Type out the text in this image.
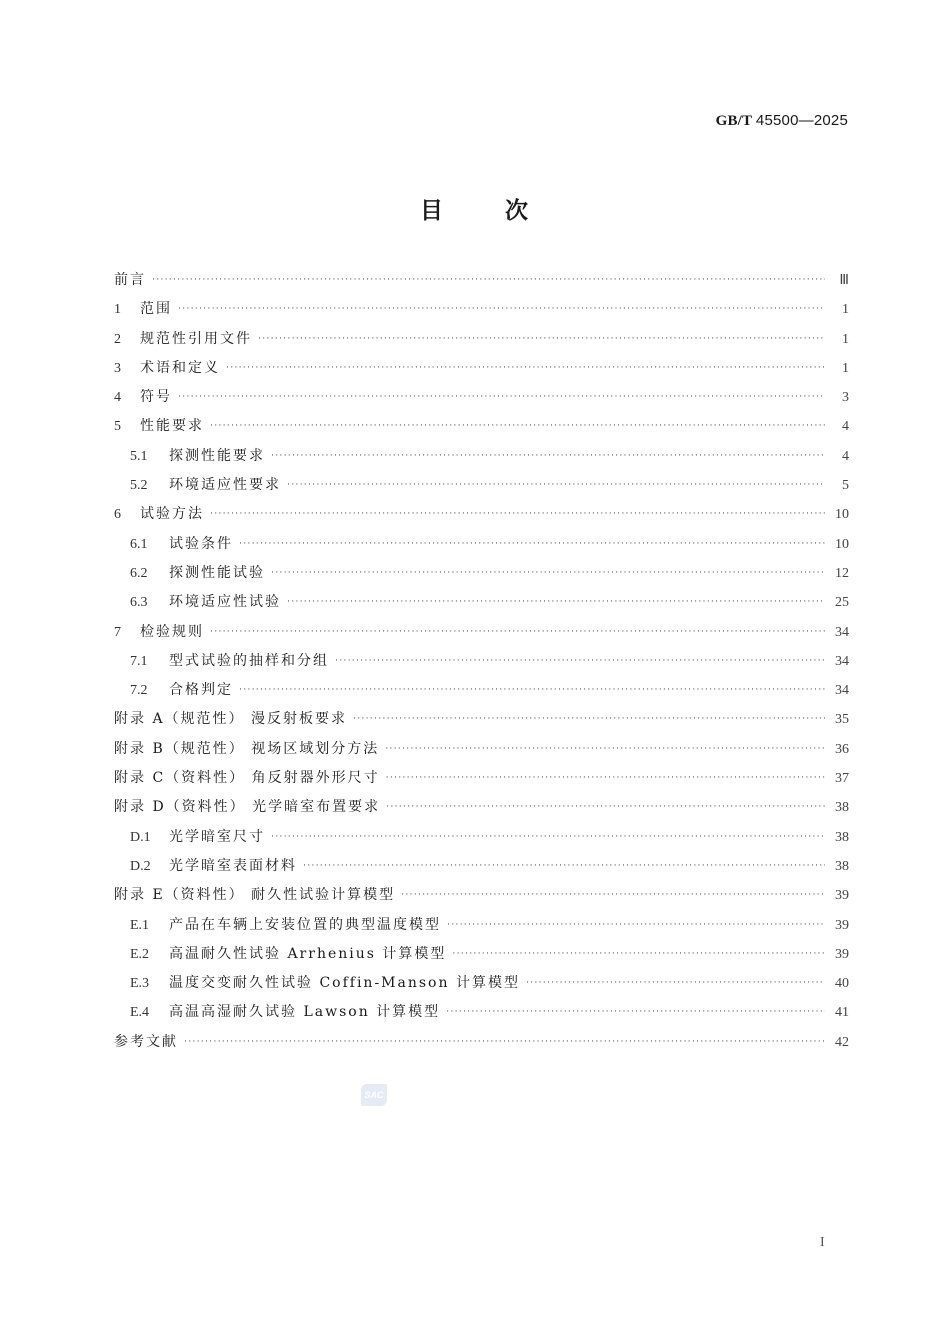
GB/T 45500—2025
目	次
前言 ·····	Ⅲ
1	范围 ·····	1
2	规范性引用文件 ·····	1
3	术语和定义 ·····	1
4	符号 ·····	3
5	性能要求 ·····	4
5.1	探测性能要求 ·····	4
5.2	环境适应性要求 ·····	5
6	试验方法 ·····	10
6.1	试验条件 ·····	10
6.2	探测性能试验 ·····	12
6.3	环境适应性试验 ·····	25
7	检验规则 ·····	34
7.1	型式试验的抽样和分组 ·····	34
7.2	合格判定 ·····	34
附录 A（规范性） 漫反射板要求 ·····	35
附录 B（规范性） 视场区域划分方法 ·····	36
附录 C（资料性） 角反射器外形尺寸 ·····	37
附录 D（资料性） 光学暗室布置要求 ·····	38
D.1	光学暗室尺寸 ·····	38
D.2	光学暗室表面材料 ·····	38
附录 E（资料性） 耐久性试验计算模型 ·····	39
E.1	产品在车辆上安装位置的典型温度模型 ·····	39
E.2	高温耐久性试验 Arrhenius 计算模型 ·····	39
E.3	温度交变耐久性试验 Coffin-Manson 计算模型 ·····	40
E.4	高温高湿耐久试验 Lawson 计算模型 ·····	41
参考文献 ·····	42
SAC
I
